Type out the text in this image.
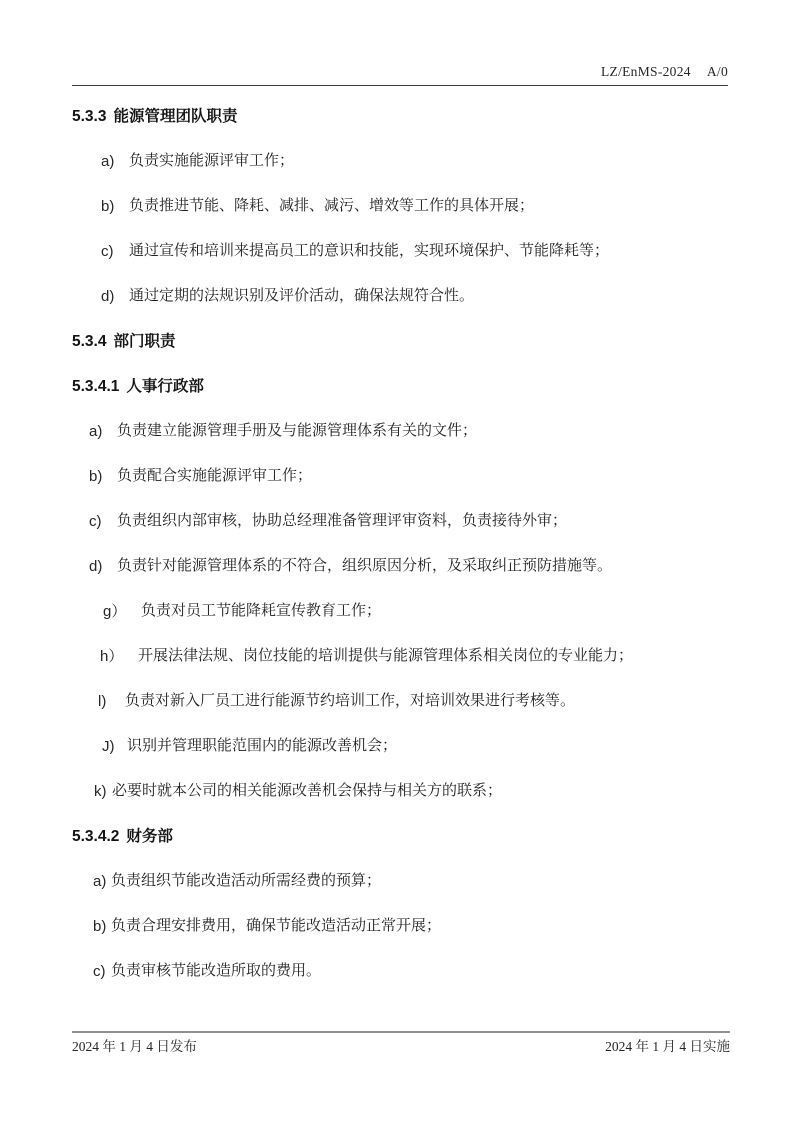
LZ/EnMS-2024 A/0
5.3.3 能源管理团队职责
a) 负责实施能源评审工作；
b) 负责推进节能、降耗、减排、减污、增效等工作的具体开展；
c)	通过宣传和培训来提高员工的意识和技能，实现环境保护、节能降耗等；
d) 通过定期的法规识别及评价活动，确保法规符合性。
5.3.4 部门职责
5.3.4.1 人事行政部
a) 负责建立能源管理手册及与能源管理体系有关的文件；
b) 负责配合实施能源评审工作；
c)	负责组织内部审核，协助总经理准备管理评审资料，负责接待外审；
d) 负责针对能源管理体系的不符合，组织原因分析，及采取纠正预防措施等。
g） 负责对员工节能降耗宣传教育工作；
h） 开展法律法规、岗位技能的培训提供与能源管理体系相关岗位的专业能力；
l)	负责对新入厂员工进行能源节约培训工作，对培训效果进行考核等。
J) 识别并管理职能范围内的能源改善机会；
k) 必要时就本公司的相关能源改善机会保持与相关方的联系；
5.3.4.2 财务部
a) 负责组织节能改造活动所需经费的预算；
b) 负责合理安排费用，确保节能改造活动正常开展；
c) 负责审核节能改造所取的费用。
2024 年 1 月 4 日发布	2024 年 1 月 4 日实施
